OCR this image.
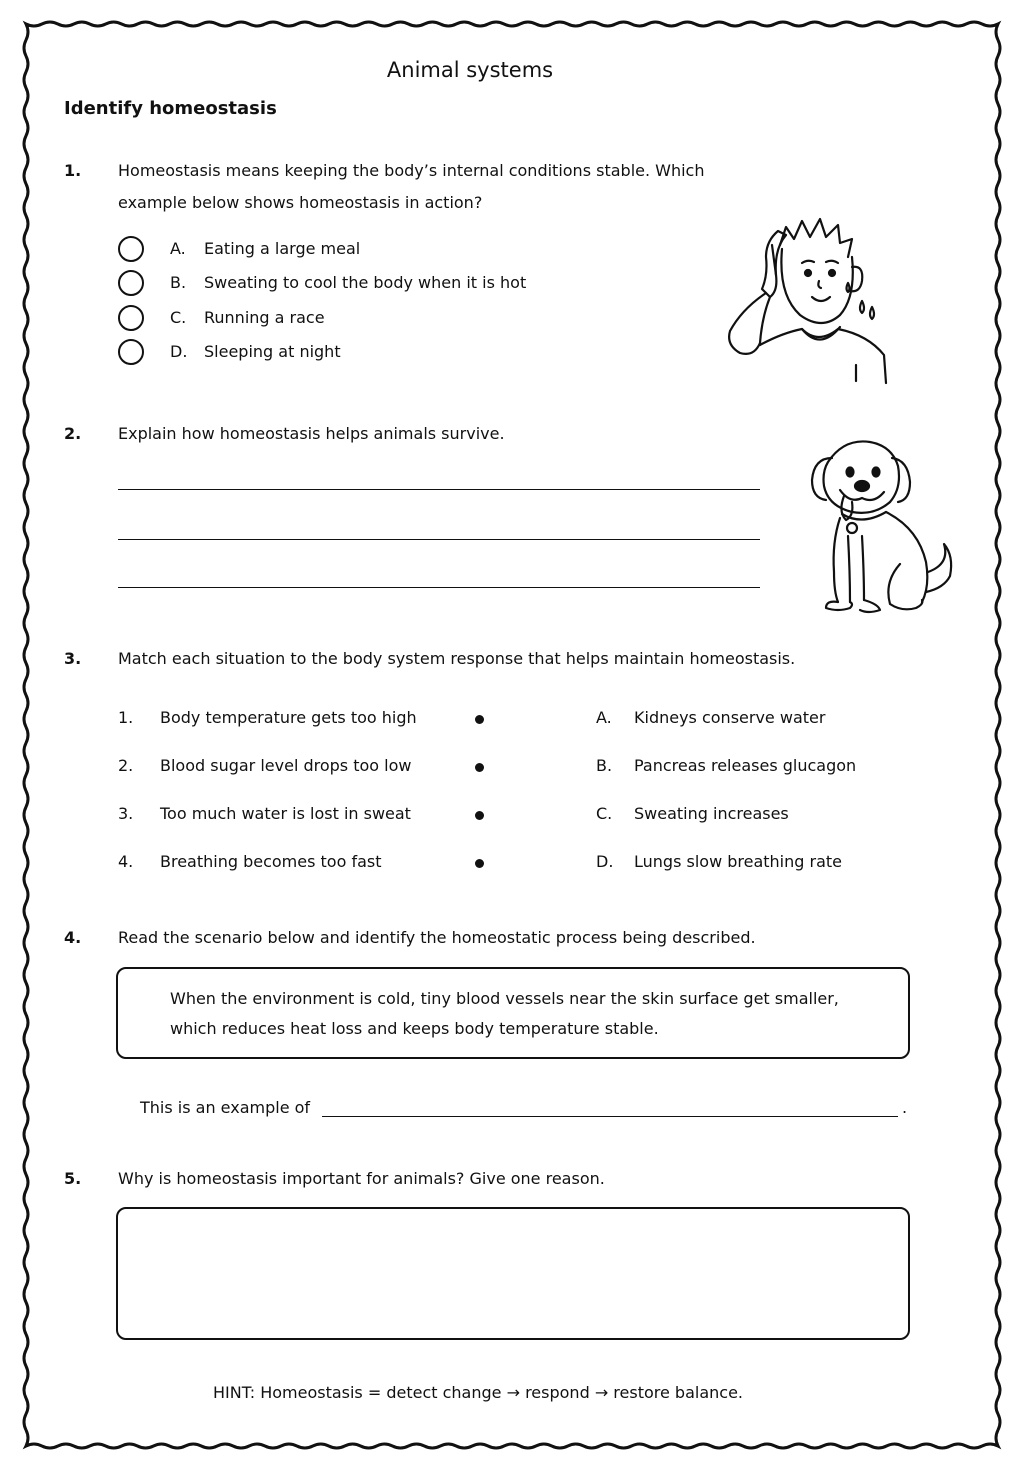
Animal systems
Identify homeostasis
1. Homeostasis means keeping the body’s internal conditions stable. Which
example below shows homeostasis in action?
A. Eating a large meal
B. Sweating to cool the body when it is hot
C. Running a race
D. Sleeping at night
2. Explain how homeostasis helps animals survive.
3. Match each situation to the body system response that helps maintain homeostasis.
1. Body temperature gets too high	A. Kidneys conserve water
2. Blood sugar level drops too low	B. Pancreas releases glucagon
3. Too much water is lost in sweat	C. Sweating increases
4. Breathing becomes too fast	D. Lungs slow breathing rate
4. Read the scenario below and identify the homeostatic process being described.
When the environment is cold, tiny blood vessels near the skin surface get smaller,
which reduces heat loss and keeps body temperature stable.
This is an example of	.
5. Why is homeostasis important for animals? Give one reason.
HINT: Homeostasis = detect change → respond → restore balance.
